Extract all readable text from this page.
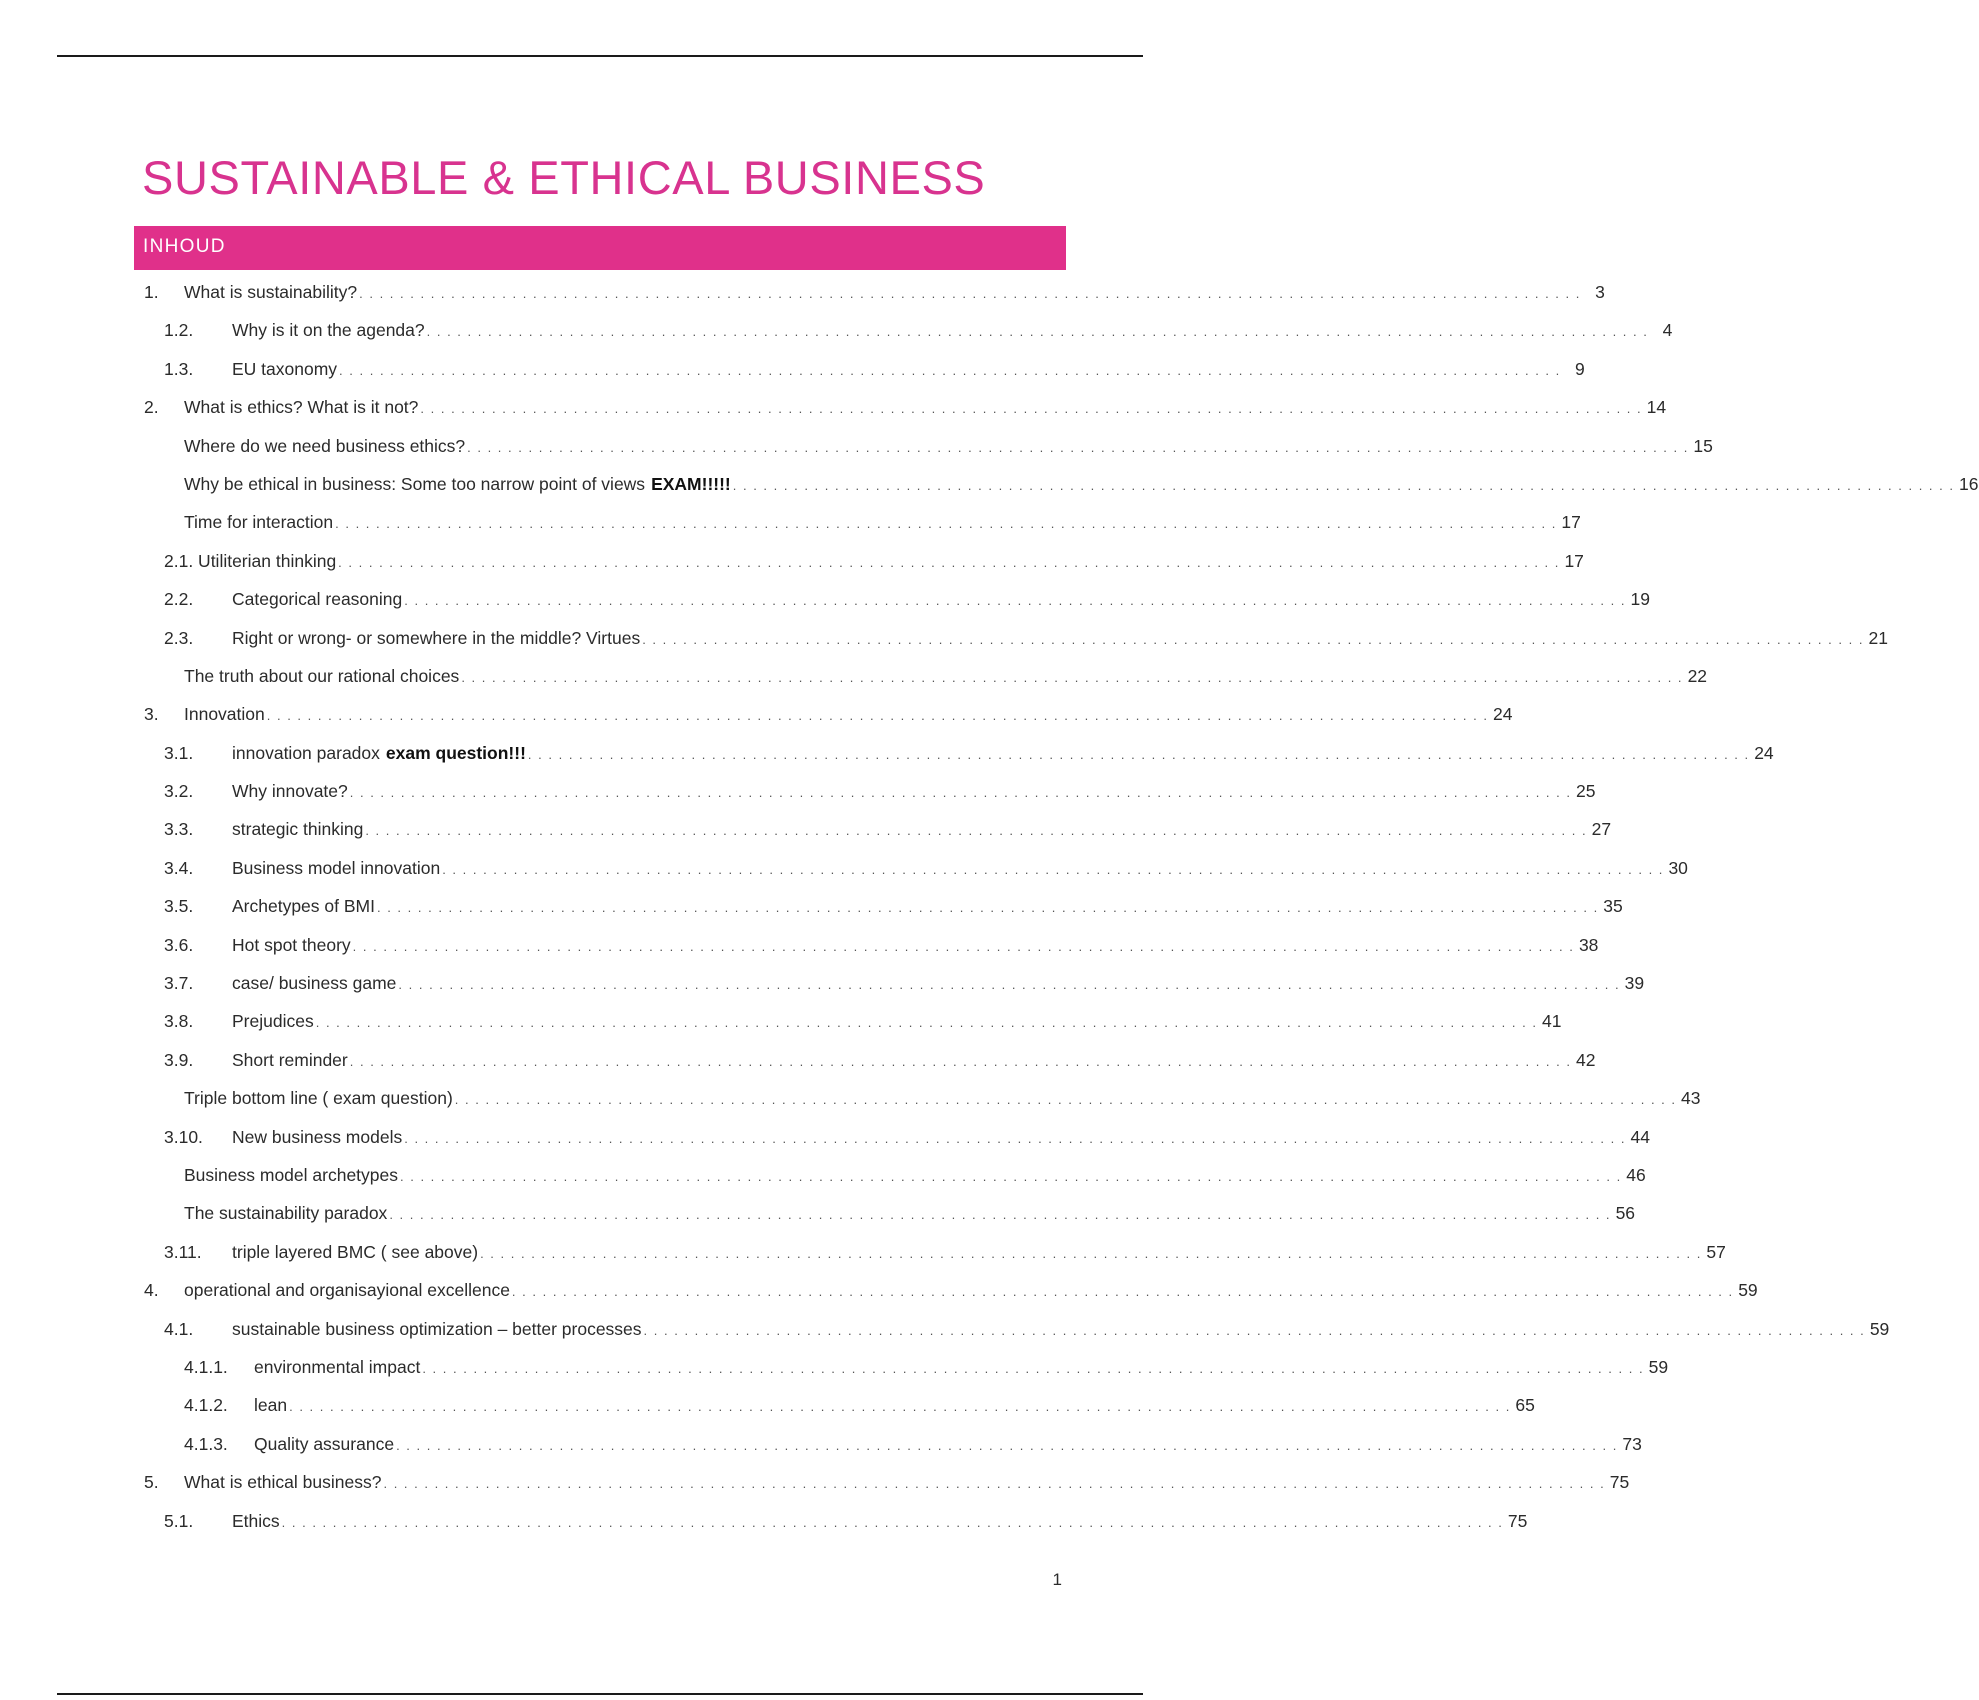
SUSTAINABLE & ETHICAL BUSINESS
INHOUD
1.	What is sustainability? . . . . . . . . . . . . . . . . . . . . . . . . . . . . . . . . . . . . . . . . . . . . . . . . . . . . . . . . . . . . . . . . . . . . . . . . . . . . . . . . . . . . . . . . . . . . . . . . . . . . . . . . . . . . . . . . . . . . . . . . 3
1.2.	Why is it on the agenda? . . . . . . . . . . . . . . . . . . . . . . . . . . . . . . . . . . . . . . . . . . . . . . . . . . . . . . . . . . . . . . . . . . . . . . . . . . . . . . . . . . . . . . . . . . . . . . . . . . . . . . . . . . . . . . . . . . . . . . . . 4
1.3.	EU taxonomy . . . . . . . . . . . . . . . . . . . . . . . . . . . . . . . . . . . . . . . . . . . . . . . . . . . . . . . . . . . . . . . . . . . . . . . . . . . . . . . . . . . . . . . . . . . . . . . . . . . . . . . . . . . . . . . . . . . . . . . . 9
2.	What is ethics? What is it not? . . . . . . . . . . . . . . . . . . . . . . . . . . . . . . . . . . . . . . . . . . . . . . . . . . . . . . . . . . . . . . . . . . . . . . . . . . . . . . . . . . . . . . . . . . . . . . . . . . . . . . . . . . . . . . . . . . . . . . . . 14
Where do we need business ethics? . . . . . . . . . . . . . . . . . . . . . . . . . . . . . . . . . . . . . . . . . . . . . . . . . . . . . . . . . . . . . . . . . . . . . . . . . . . . . . . . . . . . . . . . . . . . . . . . . . . . . . . . . . . . . . . . . . . . . . . . 15
Why be ethical in business: Some too narrow point of views EXAM!!!!! . . . . . . . . . . . . . . . . . . . . . . . . . . . . . . . . . . . . . . . . . . . . . . . . . . . . . . . . . . . . . . . . . . . . . . . . . . . . . . . . . . . . . . . . . . . . . . . . . . . . . . . . . . . . . . . . . . . . . . . . 16
Time for interaction . . . . . . . . . . . . . . . . . . . . . . . . . . . . . . . . . . . . . . . . . . . . . . . . . . . . . . . . . . . . . . . . . . . . . . . . . . . . . . . . . . . . . . . . . . . . . . . . . . . . . . . . . . . . . . . . . . . . . . . . 17
2.1. Utiliterian thinking . . . . . . . . . . . . . . . . . . . . . . . . . . . . . . . . . . . . . . . . . . . . . . . . . . . . . . . . . . . . . . . . . . . . . . . . . . . . . . . . . . . . . . . . . . . . . . . . . . . . . . . . . . . . . . . . . . . . . . . . 17
2.2.	Categorical reasoning . . . . . . . . . . . . . . . . . . . . . . . . . . . . . . . . . . . . . . . . . . . . . . . . . . . . . . . . . . . . . . . . . . . . . . . . . . . . . . . . . . . . . . . . . . . . . . . . . . . . . . . . . . . . . . . . . . . . . . . . 19
2.3.	Right or wrong- or somewhere in the middle? Virtues . . . . . . . . . . . . . . . . . . . . . . . . . . . . . . . . . . . . . . . . . . . . . . . . . . . . . . . . . . . . . . . . . . . . . . . . . . . . . . . . . . . . . . . . . . . . . . . . . . . . . . . . . . . . . . . . . . . . . . . . 21
The truth about our rational choices . . . . . . . . . . . . . . . . . . . . . . . . . . . . . . . . . . . . . . . . . . . . . . . . . . . . . . . . . . . . . . . . . . . . . . . . . . . . . . . . . . . . . . . . . . . . . . . . . . . . . . . . . . . . . . . . . . . . . . . . 22
3.	Innovation . . . . . . . . . . . . . . . . . . . . . . . . . . . . . . . . . . . . . . . . . . . . . . . . . . . . . . . . . . . . . . . . . . . . . . . . . . . . . . . . . . . . . . . . . . . . . . . . . . . . . . . . . . . . . . . . . . . . . . . . 24
3.1.	innovation paradox exam question!!! . . . . . . . . . . . . . . . . . . . . . . . . . . . . . . . . . . . . . . . . . . . . . . . . . . . . . . . . . . . . . . . . . . . . . . . . . . . . . . . . . . . . . . . . . . . . . . . . . . . . . . . . . . . . . . . . . . . . . . . . 24
3.2.	Why innovate? . . . . . . . . . . . . . . . . . . . . . . . . . . . . . . . . . . . . . . . . . . . . . . . . . . . . . . . . . . . . . . . . . . . . . . . . . . . . . . . . . . . . . . . . . . . . . . . . . . . . . . . . . . . . . . . . . . . . . . . . 25
3.3.	strategic thinking . . . . . . . . . . . . . . . . . . . . . . . . . . . . . . . . . . . . . . . . . . . . . . . . . . . . . . . . . . . . . . . . . . . . . . . . . . . . . . . . . . . . . . . . . . . . . . . . . . . . . . . . . . . . . . . . . . . . . . . . 27
3.4.	Business model innovation . . . . . . . . . . . . . . . . . . . . . . . . . . . . . . . . . . . . . . . . . . . . . . . . . . . . . . . . . . . . . . . . . . . . . . . . . . . . . . . . . . . . . . . . . . . . . . . . . . . . . . . . . . . . . . . . . . . . . . . . 30
3.5.	Archetypes of BMI . . . . . . . . . . . . . . . . . . . . . . . . . . . . . . . . . . . . . . . . . . . . . . . . . . . . . . . . . . . . . . . . . . . . . . . . . . . . . . . . . . . . . . . . . . . . . . . . . . . . . . . . . . . . . . . . . . . . . . . . 35
3.6.	Hot spot theory . . . . . . . . . . . . . . . . . . . . . . . . . . . . . . . . . . . . . . . . . . . . . . . . . . . . . . . . . . . . . . . . . . . . . . . . . . . . . . . . . . . . . . . . . . . . . . . . . . . . . . . . . . . . . . . . . . . . . . . . 38
3.7.	case/ business game . . . . . . . . . . . . . . . . . . . . . . . . . . . . . . . . . . . . . . . . . . . . . . . . . . . . . . . . . . . . . . . . . . . . . . . . . . . . . . . . . . . . . . . . . . . . . . . . . . . . . . . . . . . . . . . . . . . . . . . . 39
3.8.	Prejudices . . . . . . . . . . . . . . . . . . . . . . . . . . . . . . . . . . . . . . . . . . . . . . . . . . . . . . . . . . . . . . . . . . . . . . . . . . . . . . . . . . . . . . . . . . . . . . . . . . . . . . . . . . . . . . . . . . . . . . . . 41
3.9.	Short reminder . . . . . . . . . . . . . . . . . . . . . . . . . . . . . . . . . . . . . . . . . . . . . . . . . . . . . . . . . . . . . . . . . . . . . . . . . . . . . . . . . . . . . . . . . . . . . . . . . . . . . . . . . . . . . . . . . . . . . . . . 42
Triple bottom line ( exam question) . . . . . . . . . . . . . . . . . . . . . . . . . . . . . . . . . . . . . . . . . . . . . . . . . . . . . . . . . . . . . . . . . . . . . . . . . . . . . . . . . . . . . . . . . . . . . . . . . . . . . . . . . . . . . . . . . . . . . . . . 43
3.10.	New business models . . . . . . . . . . . . . . . . . . . . . . . . . . . . . . . . . . . . . . . . . . . . . . . . . . . . . . . . . . . . . . . . . . . . . . . . . . . . . . . . . . . . . . . . . . . . . . . . . . . . . . . . . . . . . . . . . . . . . . . . 44
Business model archetypes . . . . . . . . . . . . . . . . . . . . . . . . . . . . . . . . . . . . . . . . . . . . . . . . . . . . . . . . . . . . . . . . . . . . . . . . . . . . . . . . . . . . . . . . . . . . . . . . . . . . . . . . . . . . . . . . . . . . . . . . 46
The sustainability paradox . . . . . . . . . . . . . . . . . . . . . . . . . . . . . . . . . . . . . . . . . . . . . . . . . . . . . . . . . . . . . . . . . . . . . . . . . . . . . . . . . . . . . . . . . . . . . . . . . . . . . . . . . . . . . . . . . . . . . . . . 56
3.11.	triple layered BMC ( see above) . . . . . . . . . . . . . . . . . . . . . . . . . . . . . . . . . . . . . . . . . . . . . . . . . . . . . . . . . . . . . . . . . . . . . . . . . . . . . . . . . . . . . . . . . . . . . . . . . . . . . . . . . . . . . . . . . . . . . . . . 57
4.	operational and organisayional excellence . . . . . . . . . . . . . . . . . . . . . . . . . . . . . . . . . . . . . . . . . . . . . . . . . . . . . . . . . . . . . . . . . . . . . . . . . . . . . . . . . . . . . . . . . . . . . . . . . . . . . . . . . . . . . . . . . . . . . . . . 59
4.1.	sustainable business optimization – better processes . . . . . . . . . . . . . . . . . . . . . . . . . . . . . . . . . . . . . . . . . . . . . . . . . . . . . . . . . . . . . . . . . . . . . . . . . . . . . . . . . . . . . . . . . . . . . . . . . . . . . . . . . . . . . . . . . . . . . . . . 59
4.1.1.	environmental impact . . . . . . . . . . . . . . . . . . . . . . . . . . . . . . . . . . . . . . . . . . . . . . . . . . . . . . . . . . . . . . . . . . . . . . . . . . . . . . . . . . . . . . . . . . . . . . . . . . . . . . . . . . . . . . . . . . . . . . . . 59
4.1.2.	lean . . . . . . . . . . . . . . . . . . . . . . . . . . . . . . . . . . . . . . . . . . . . . . . . . . . . . . . . . . . . . . . . . . . . . . . . . . . . . . . . . . . . . . . . . . . . . . . . . . . . . . . . . . . . . . . . . . . . . . . . 65
4.1.3.	Quality assurance . . . . . . . . . . . . . . . . . . . . . . . . . . . . . . . . . . . . . . . . . . . . . . . . . . . . . . . . . . . . . . . . . . . . . . . . . . . . . . . . . . . . . . . . . . . . . . . . . . . . . . . . . . . . . . . . . . . . . . . . 73
5.	What is ethical business? . . . . . . . . . . . . . . . . . . . . . . . . . . . . . . . . . . . . . . . . . . . . . . . . . . . . . . . . . . . . . . . . . . . . . . . . . . . . . . . . . . . . . . . . . . . . . . . . . . . . . . . . . . . . . . . . . . . . . . . . 75
5.1.	Ethics . . . . . . . . . . . . . . . . . . . . . . . . . . . . . . . . . . . . . . . . . . . . . . . . . . . . . . . . . . . . . . . . . . . . . . . . . . . . . . . . . . . . . . . . . . . . . . . . . . . . . . . . . . . . . . . . . . . . . . . . 75
1
